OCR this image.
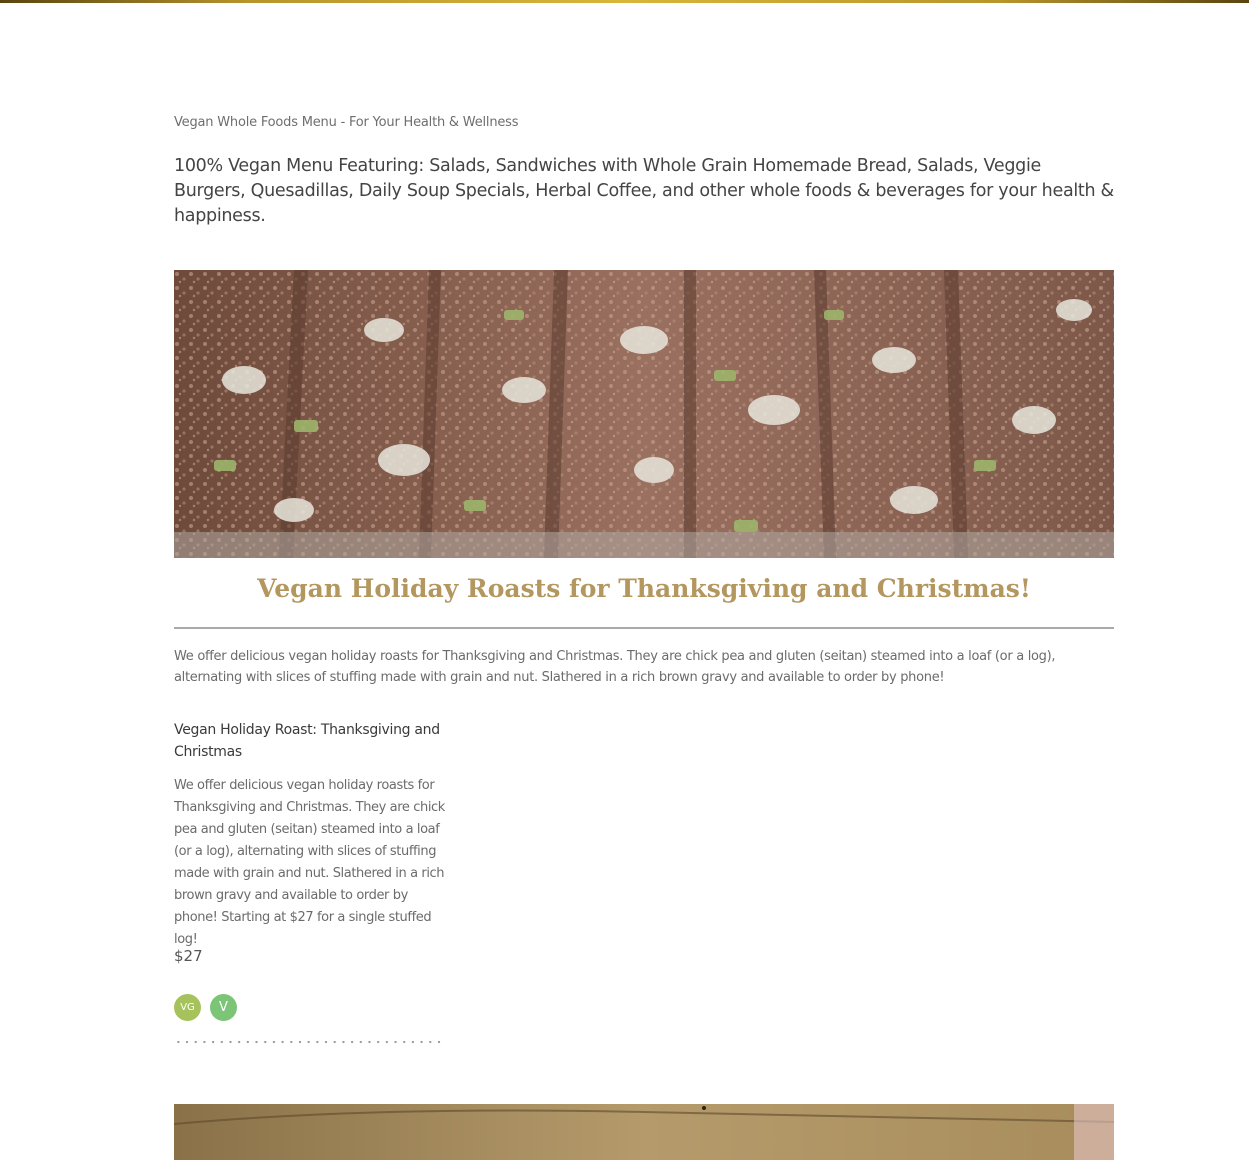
Vegan Whole Foods Menu - For Your Health & Wellness
100% Vegan Menu Featuring: Salads, Sandwiches with Whole Grain Homemade Bread, Salads, Veggie Burgers, Quesadillas, Daily Soup Specials, Herbal Coffee, and other whole foods & beverages for your health & happiness.
Vegan Holiday Roasts for Thanksgiving and Christmas!
We offer delicious vegan holiday roasts for Thanksgiving and Christmas. They are chick pea and gluten (seitan) steamed into a loaf (or a log), alternating with slices of stuffing made with grain and nut. Slathered in a rich brown gravy and available to order by phone!
Vegan Holiday Roast: Thanksgiving and Christmas
We offer delicious vegan holiday roasts for Thanksgiving and Christmas. They are chick pea and gluten (seitan) steamed into a loaf (or a log), alternating with slices of stuffing made with grain and nut. Slathered in a rich brown gravy and available to order by phone! Starting at $27 for a single stuffed log!
$27
VG	V
